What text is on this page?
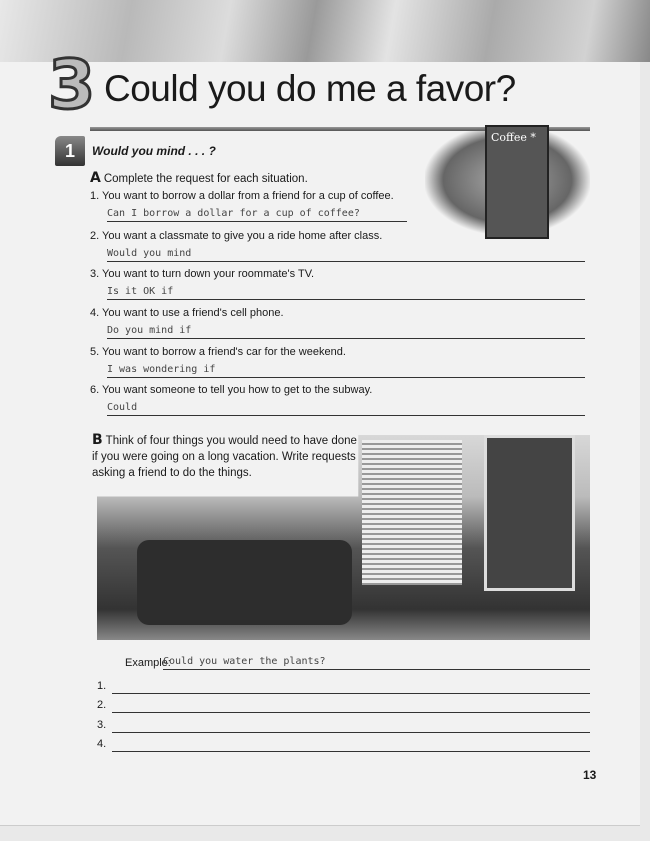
3 Could you do me a favor?
1	Would you mind . . . ?
A Complete the request for each situation.
1. You want to borrow a dollar from a friend for a cup of coffee.
Can I borrow a dollar for a cup of coffee?
2. You want a classmate to give you a ride home after class.
Would you mind
3. You want to turn down your roommate's TV.
Is it OK if
4. You want to use a friend's cell phone.
Do you mind if
5. You want to borrow a friend's car for the weekend.
I was wondering if
6. You want someone to tell you how to get to the subway.
Could
Coffee *
B Think of four things you would need to have done if you were going on a long vacation. Write requests asking a friend to do the things.
Example:
Could you water the plants?
1.
2.
3.
4.
13
